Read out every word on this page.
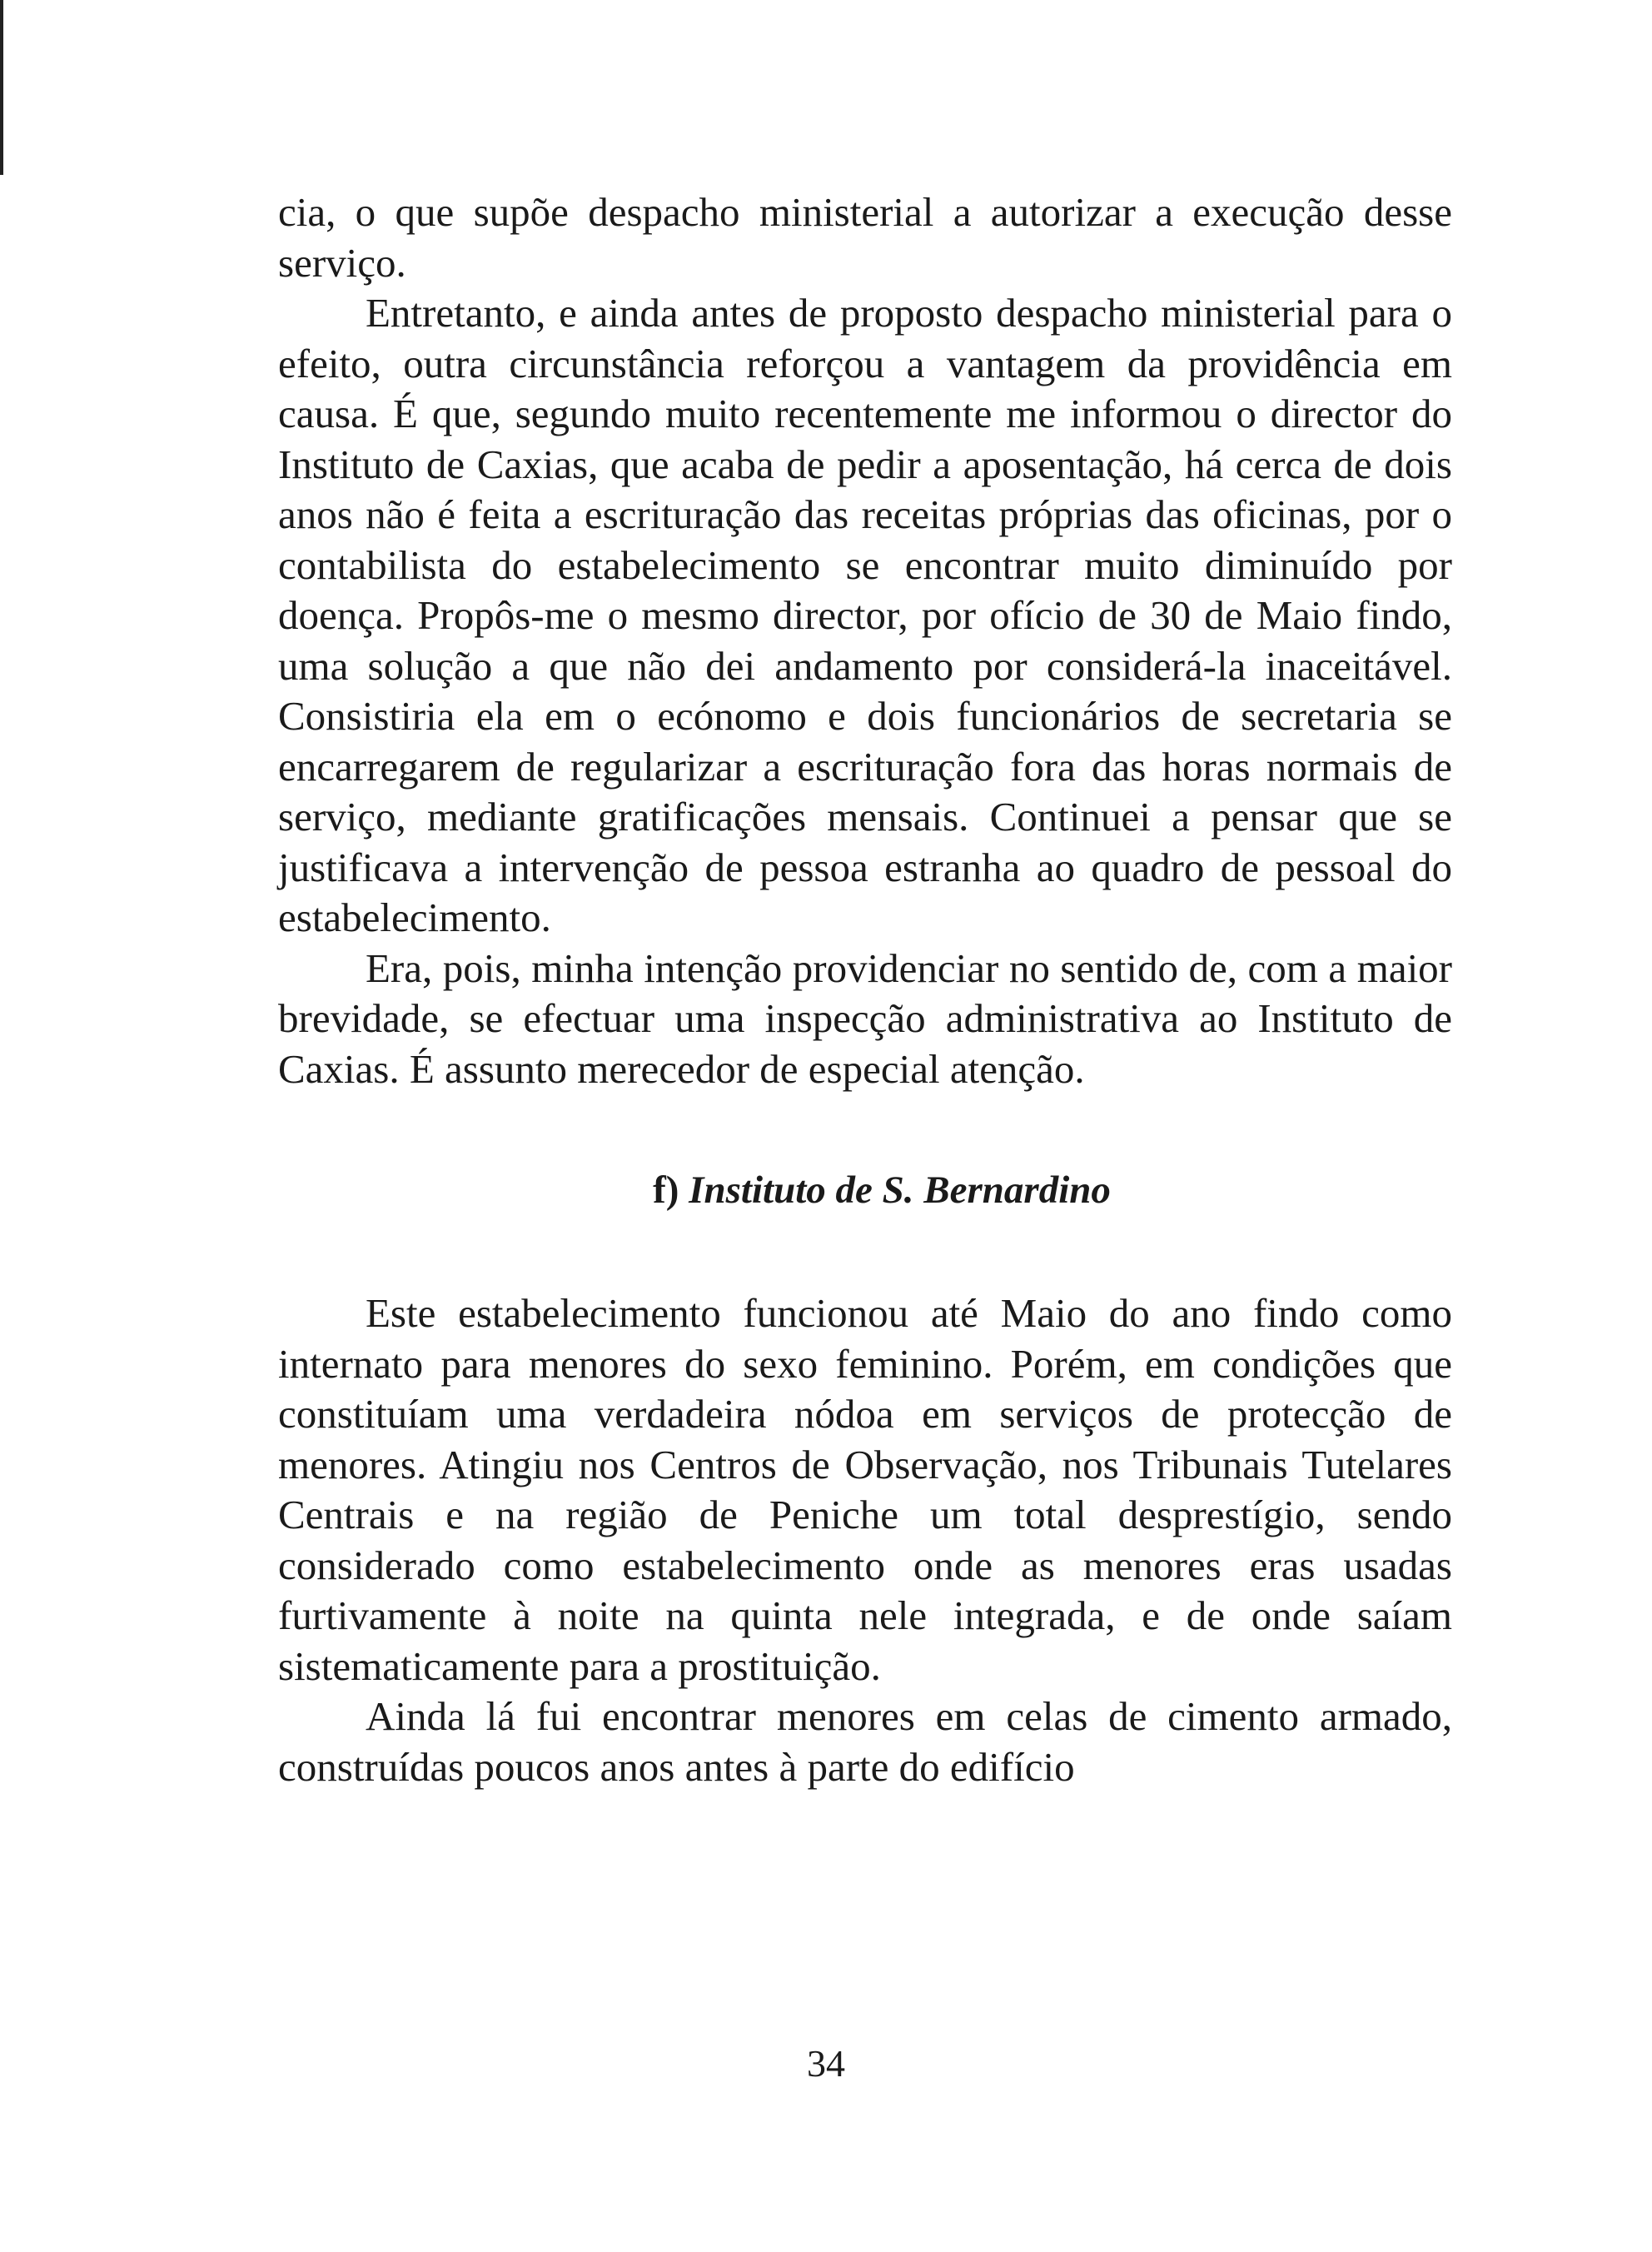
cia, o que supõe despacho ministerial a autorizar a execução desse serviço.

Entretanto, e ainda antes de proposto despacho ministerial para o efeito, outra circunstância reforçou a vantagem da providência em causa. É que, segundo muito recentemente me informou o director do Instituto de Caxias, que acaba de pedir a aposentação, há cerca de dois anos não é feita a escrituração das receitas próprias das oficinas, por o contabilista do estabelecimento se encontrar muito diminuído por doença. Propôs-me o mesmo director, por ofício de 30 de Maio findo, uma solução a que não dei andamento por considerá-la inaceitável. Consistiria ela em o ecónomo e dois funcionários de secretaria se encarregarem de regularizar a escrituração fora das horas normais de serviço, mediante gratificações mensais. Continuei a pensar que se justificava a intervenção de pessoa estranha ao quadro de pessoal do estabelecimento.

Era, pois, minha intenção providenciar no sentido de, com a maior brevidade, se efectuar uma inspecção administrativa ao Instituto de Caxias. É assunto merecedor de especial atenção.

f) Instituto de S. Bernardino

Este estabelecimento funcionou até Maio do ano findo como internato para menores do sexo feminino. Porém, em condições que constituíam uma verdadeira nódoa em serviços de protecção de menores. Atingiu nos Centros de Observação, nos Tribunais Tutelares Centrais e na região de Peniche um total desprestígio, sendo considerado como estabelecimento onde as menores eras usadas furtivamente à noite na quinta nele integrada, e de onde saíam sistematicamente para a prostituição.

Ainda lá fui encontrar menores em celas de cimento armado, construídas poucos anos antes à parte do edifício

34
